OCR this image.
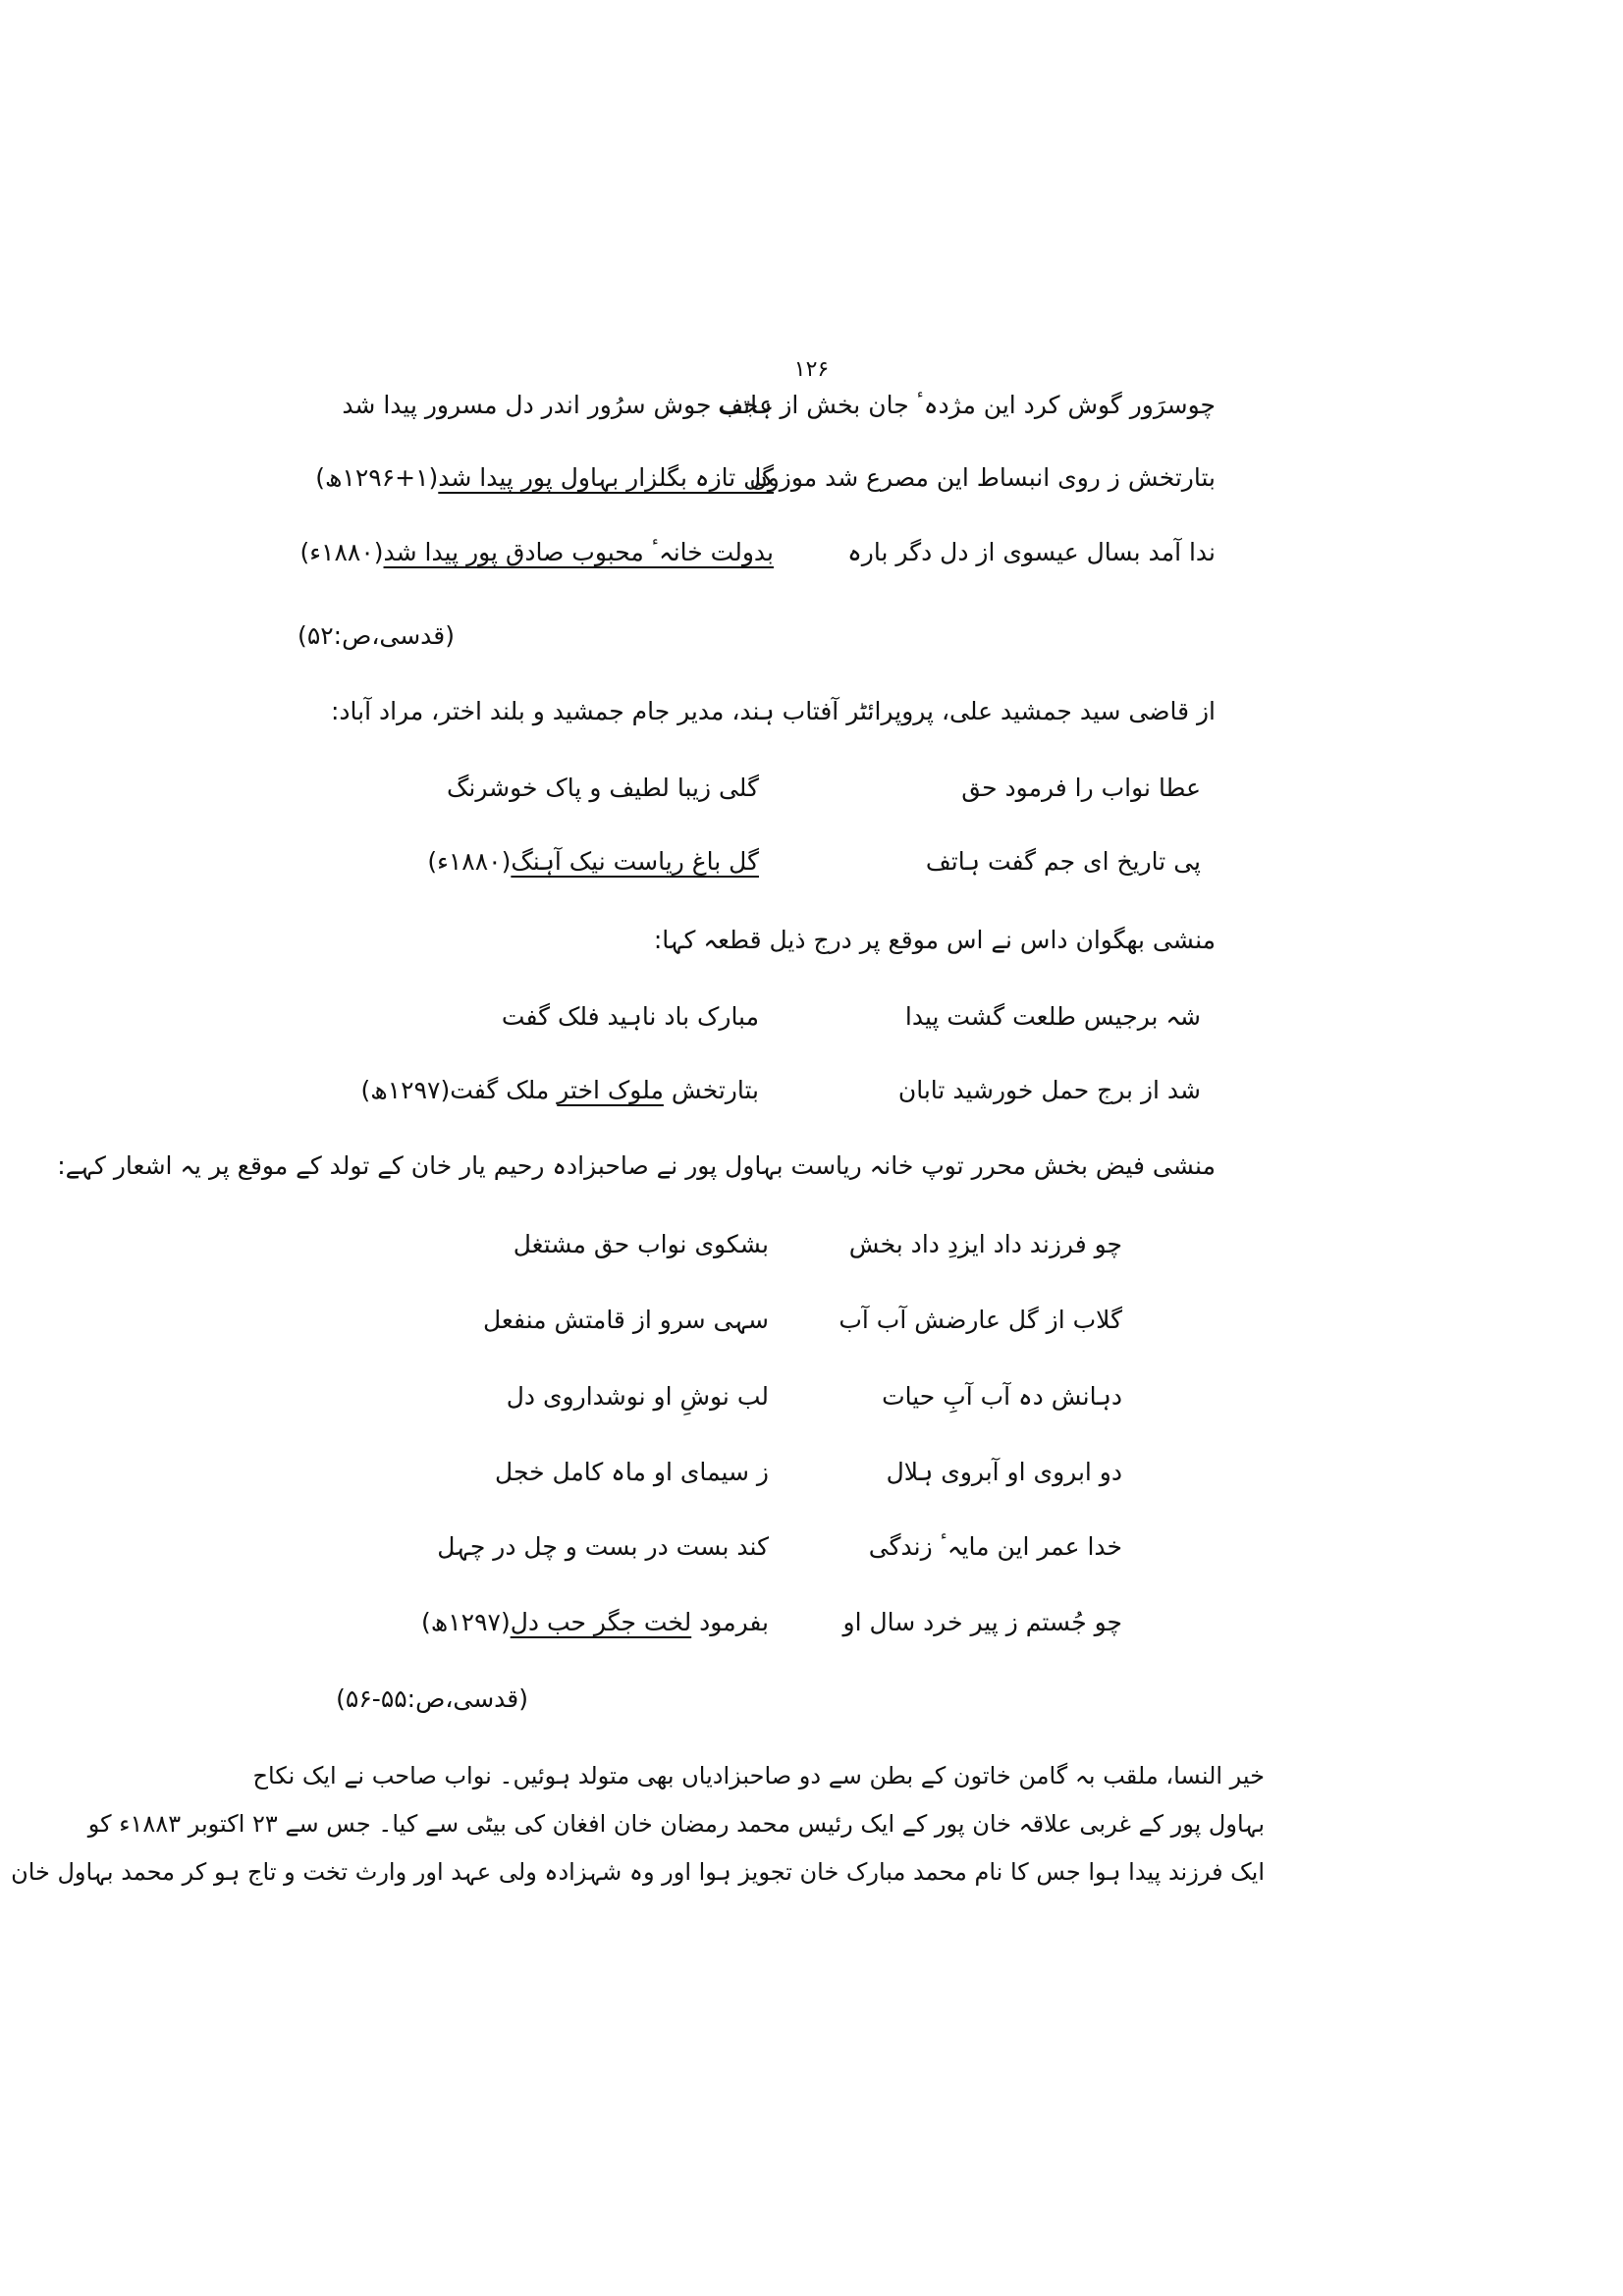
۱۲۶
چوسرَور گوش کرد این مژدہٴ جان بخش از ہاتف
عجب جوش سرُور اندر دل مسرور پیدا شد
بتارتخش ز روی انبساط این مصرع شد موزون
گل تازہ بگلزار بہاول پور پیدا شد(۱+۱۲۹۶ھ)
ندا آمد بسال عیسوی از دل دگر بارہ
بدولت خانہٴ محبوب صادق پور پیدا شد(۱۸۸۰ء)
(قدسی،ص:۵۲)
از قاضی سید جمشید علی، پروپرائٹر آفتاب ہند، مدیر جام جمشید و بلند اختر، مراد آباد:
عطا نواب را فرمود حق
گلی زیبا لطیف و پاک خوشرنگ
پی تاریخ ای جم گفت ہاتف
گل باغ ریاست نیک آہنگ(۱۸۸۰ء)
منشی بھگوان داس نے اس موقع پر درج ذیل قطعہ کہا:
شہ برجیس طلعت گشت پیدا
مبارک باد ناہید فلک گفت
شد از برج حمل خورشید تابان
بتارتخش ملوک اختر ملک گفت(۱۲۹۷ھ)
منشی فیض بخش محرر توپ خانہ ریاست بہاول پور نے صاحبزادہ رحیم یار خان کے تولد کے موقع پر یہ اشعار کہے:
چو فرزند داد ایزدِ داد بخش
بشکوی نواب حق مشتغل
گلاب از گل عارضش آب آب
سہی سرو از قامتش منفعل
دہانش دہ آب آبِ حیات
لب نوشِ او نوشداروی دل
دو ابروی او آبروی ہلال
ز سیمای او ماہ کامل خجل
خدا عمر این مایہٴ زندگی
کند بست در بست و چل در چہل
چو جُستم ز پیر خرد سال او
بفرمود لخت جگر حب دل(۱۲۹۷ھ)
(قدسی،ص:۵۵-۵۶)
خیر النسا، ملقب بہ گامن خاتون کے بطن سے دو صاحبزادیاں بھی متولد ہوئیں۔ نواب صاحب نے ایک نکاح
بہاول پور کے غربی علاقہ خان پور کے ایک رئیس محمد رمضان خان افغان کی بیٹی سے کیا۔ جس سے ۲۳ اکتوبر ۱۸۸۳ء کو
ایک فرزند پیدا ہوا جس کا نام محمد مبارک خان تجویز ہوا اور وہ شہزادہ ولی عہد اور وارث تخت و تاج ہو کر محمد بہاول خان
